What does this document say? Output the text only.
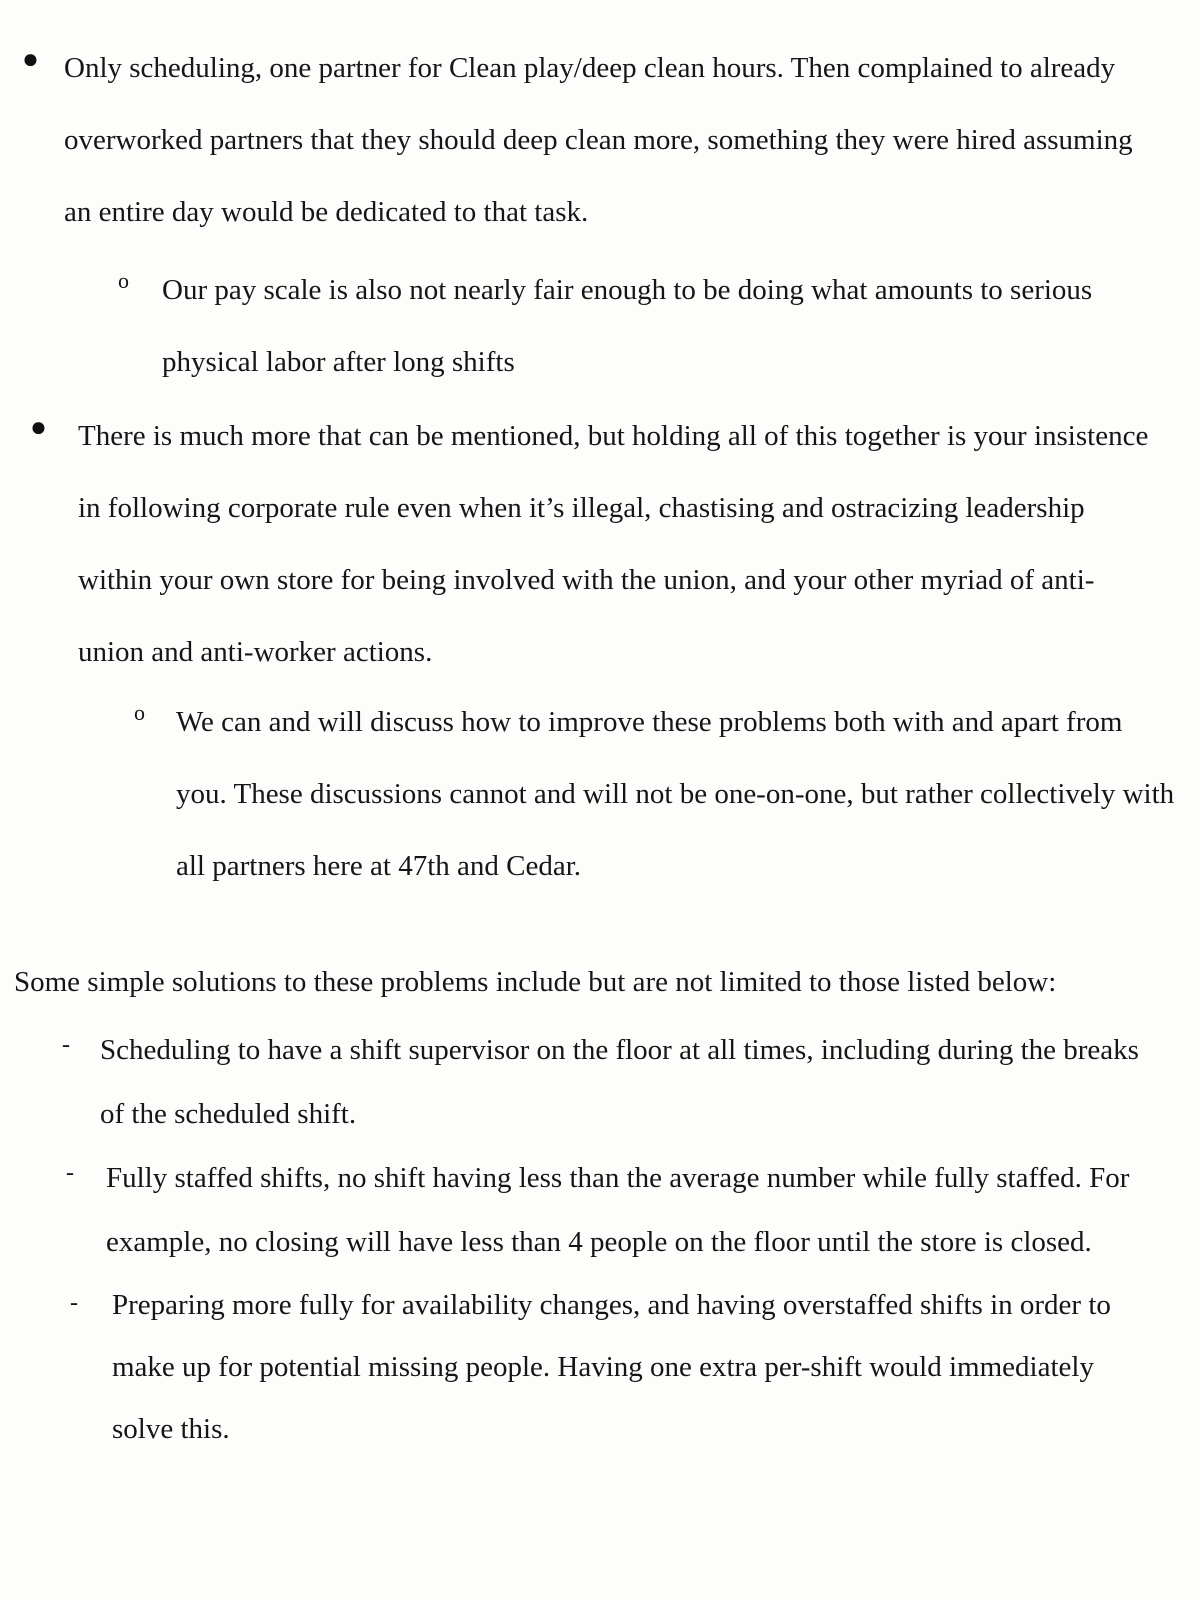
● Only scheduling, one partner for Clean play/deep clean hours. Then complained to already overworked partners that they should deep clean more, something they were hired assuming an entire day would be dedicated to that task.
o Our pay scale is also not nearly fair enough to be doing what amounts to serious physical labor after long shifts
● There is much more that can be mentioned, but holding all of this together is your insistence in following corporate rule even when it’s illegal, chastising and ostracizing leadership within your own store for being involved with the union, and your other myriad of anti-union and anti-worker actions.
o We can and will discuss how to improve these problems both with and apart from you. These discussions cannot and will not be one-on-one, but rather collectively with all partners here at 47th and Cedar.
Some simple solutions to these problems include but are not limited to those listed below:
- Scheduling to have a shift supervisor on the floor at all times, including during the breaks of the scheduled shift.
- Fully staffed shifts, no shift having less than the average number while fully staffed. For example, no closing will have less than 4 people on the floor until the store is closed.
- Preparing more fully for availability changes, and having overstaffed shifts in order to make up for potential missing people. Having one extra per-shift would immediately solve this.
